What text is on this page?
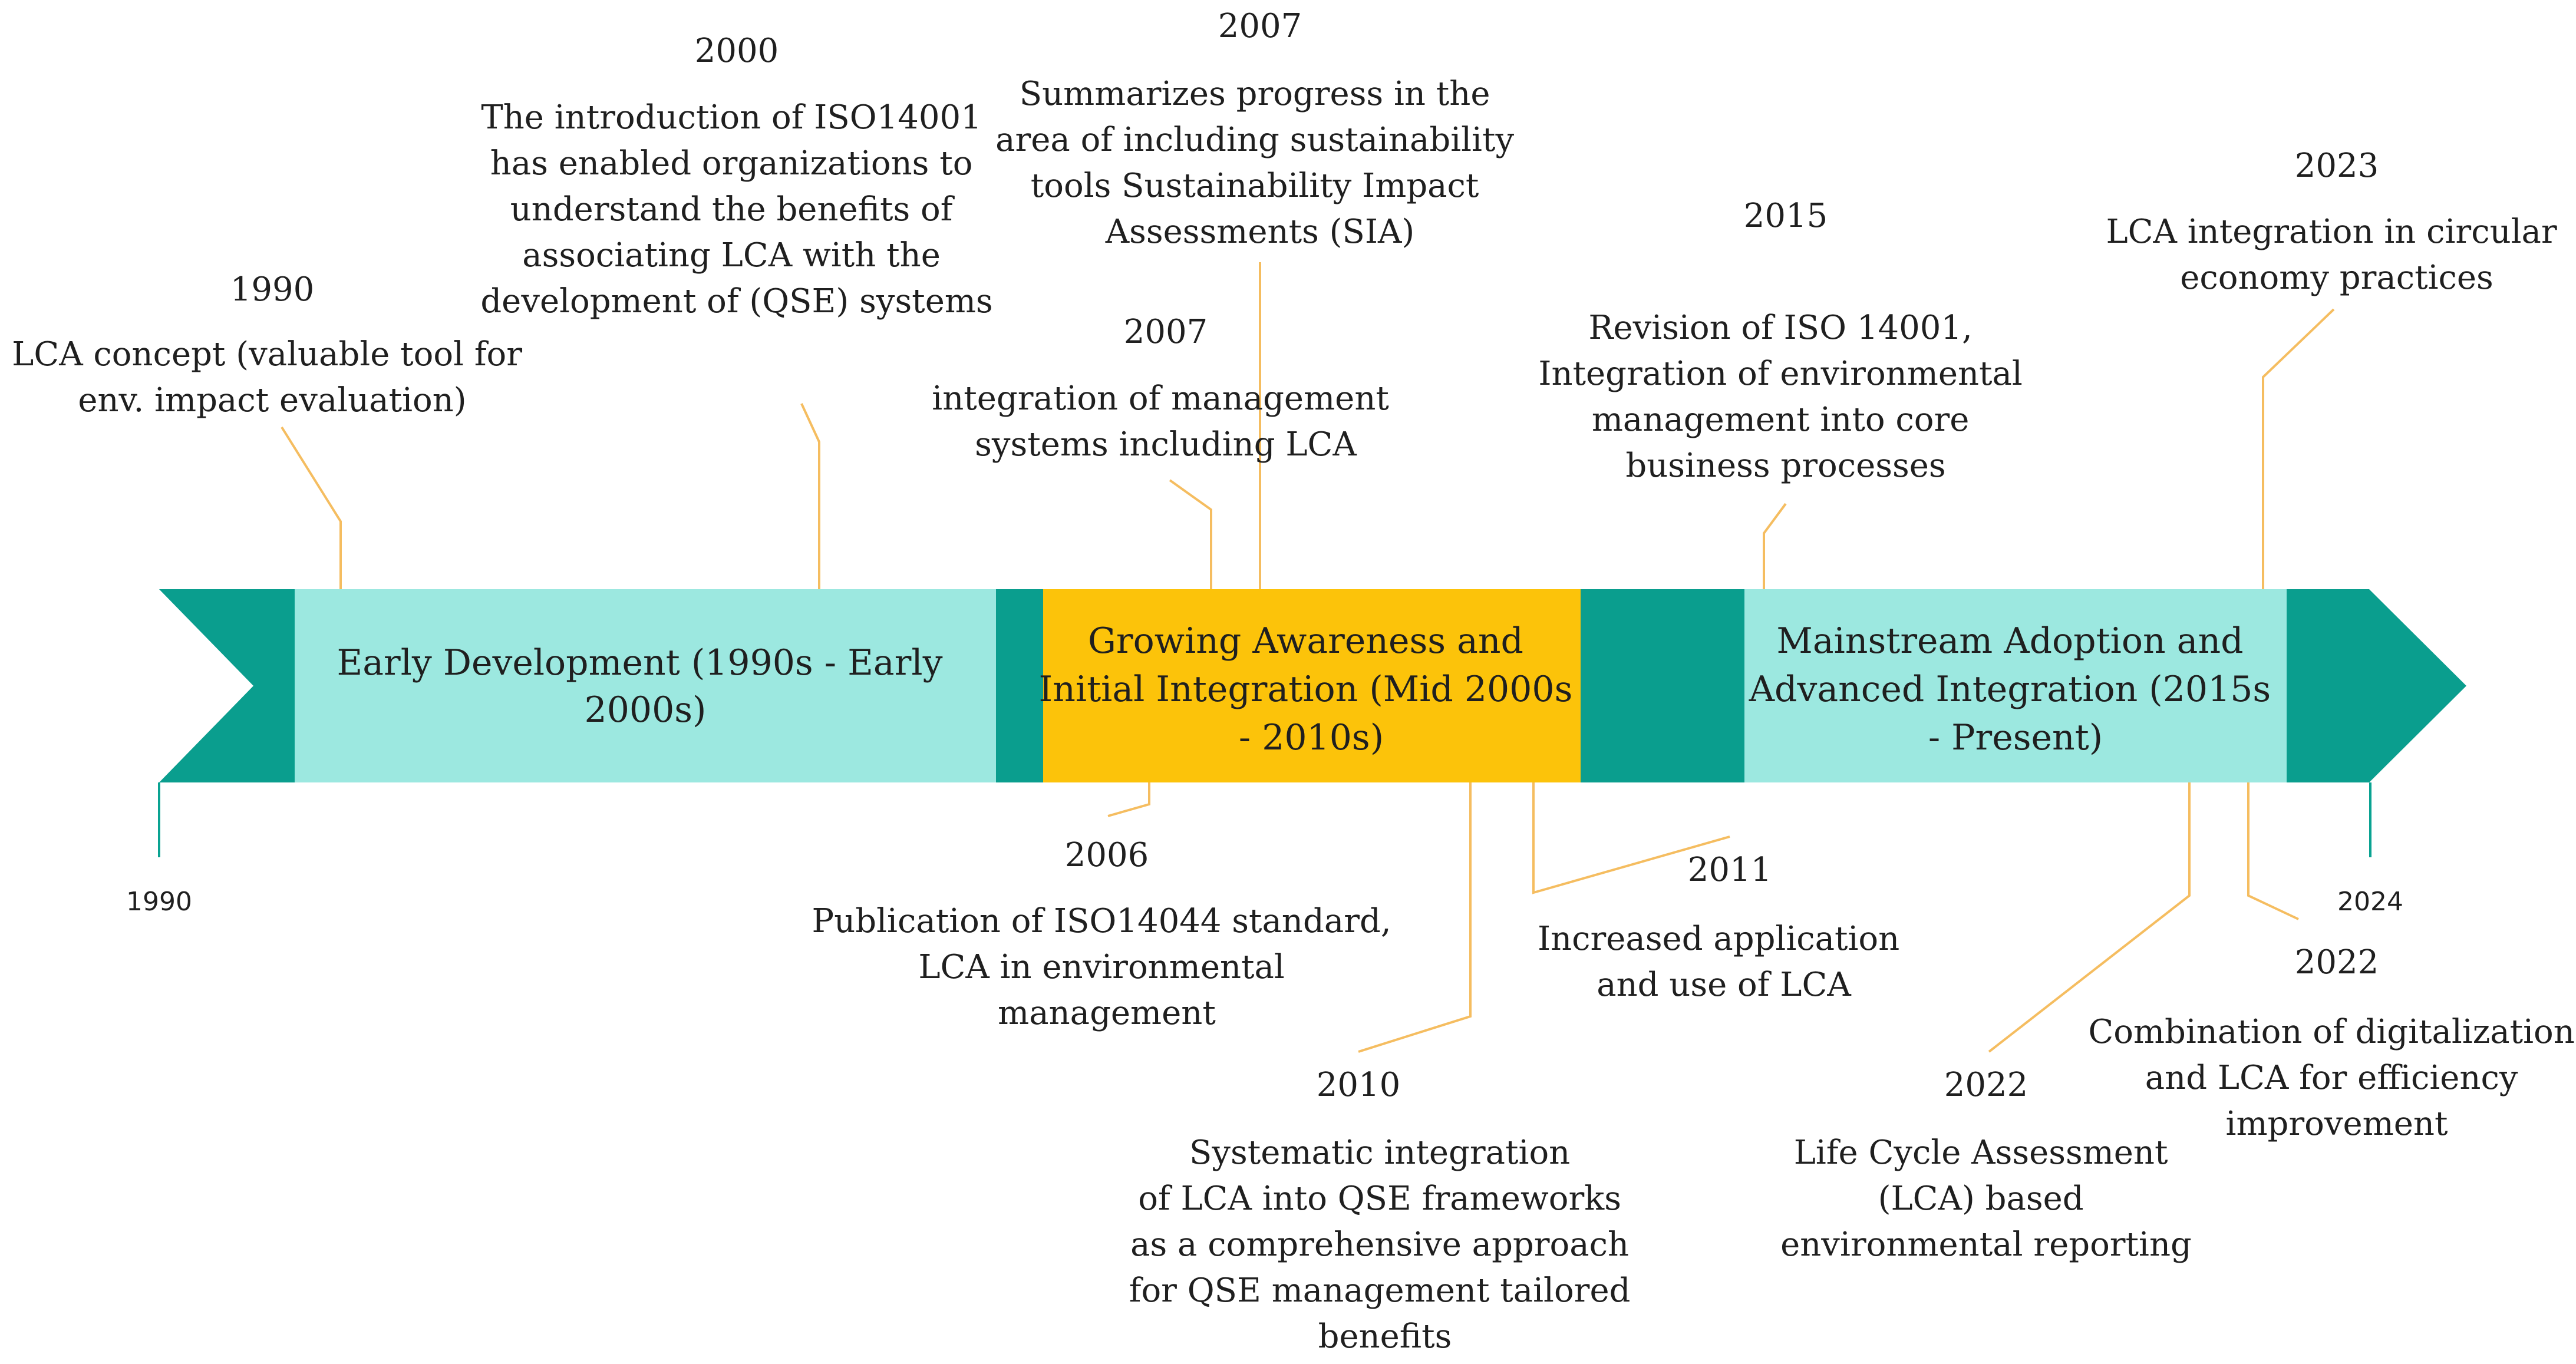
1990	2024
Early Development (1990s - Early 2000s)
Growing Awareness and Initial Integration (Mid 2000s - 2010s)
Mainstream Adoption and Advanced Integration (2015s - Present)
1990
LCA concept (valuable tool for env. impact evaluation)
2000
The introduction of ISO14001 has enabled organizations to understand the benefits of associating LCA with the development of (QSE) systems
2007
Summarizes progress in the area of including sustainability tools Sustainability Impact Assessments (SIA)
2007
integration of management systems including LCA
2015
Revision of ISO 14001, Integration of environmental management into core business processes
2023
LCA integration in circular economy practices
2006
Publication of ISO14044 standard, LCA in environmental management
2010
Systematic integration of LCA into QSE frameworks as a comprehensive approach for QSE management tailored benefits
2011
Increased application and use of LCA
2022
Life Cycle Assessment (LCA) based environmental reporting
2022
Combination of digitalization and LCA for efficiency improvement
